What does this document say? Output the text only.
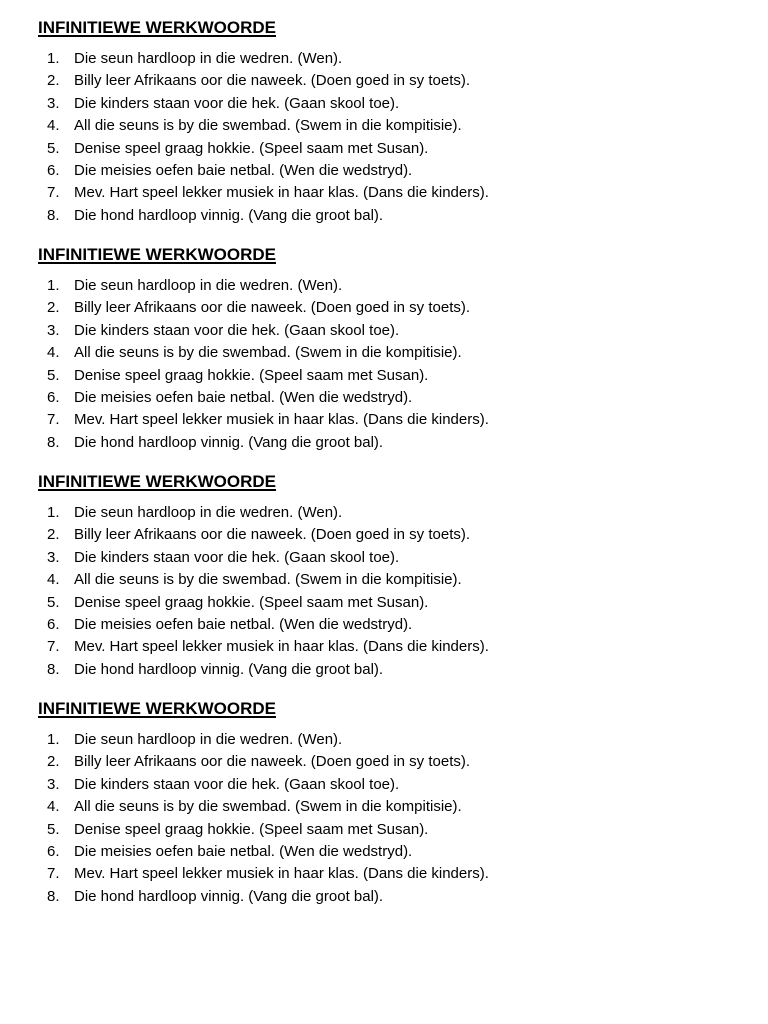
INFINITIEWE WERKWOORDE
1. Die seun hardloop in die wedren. (Wen).
2. Billy leer Afrikaans oor die naweek. (Doen goed in sy toets).
3. Die kinders staan voor die hek. (Gaan skool toe).
4. All die seuns is by die swembad. (Swem in die kompitisie).
5. Denise speel graag hokkie. (Speel saam met Susan).
6. Die meisies oefen baie netbal. (Wen die wedstryd).
7. Mev. Hart speel lekker musiek in haar klas. (Dans die kinders).
8. Die hond hardloop vinnig. (Vang die groot bal).
INFINITIEWE WERKWOORDE
1. Die seun hardloop in die wedren. (Wen).
2. Billy leer Afrikaans oor die naweek. (Doen goed in sy toets).
3. Die kinders staan voor die hek. (Gaan skool toe).
4. All die seuns is by die swembad. (Swem in die kompitisie).
5. Denise speel graag hokkie. (Speel saam met Susan).
6. Die meisies oefen baie netbal. (Wen die wedstryd).
7. Mev. Hart speel lekker musiek in haar klas. (Dans die kinders).
8. Die hond hardloop vinnig. (Vang die groot bal).
INFINITIEWE WERKWOORDE
1. Die seun hardloop in die wedren. (Wen).
2. Billy leer Afrikaans oor die naweek. (Doen goed in sy toets).
3. Die kinders staan voor die hek. (Gaan skool toe).
4. All die seuns is by die swembad. (Swem in die kompitisie).
5. Denise speel graag hokkie. (Speel saam met Susan).
6. Die meisies oefen baie netbal. (Wen die wedstryd).
7. Mev. Hart speel lekker musiek in haar klas. (Dans die kinders).
8. Die hond hardloop vinnig. (Vang die groot bal).
INFINITIEWE WERKWOORDE
1. Die seun hardloop in die wedren. (Wen).
2. Billy leer Afrikaans oor die naweek. (Doen goed in sy toets).
3. Die kinders staan voor die hek. (Gaan skool toe).
4. All die seuns is by die swembad. (Swem in die kompitisie).
5. Denise speel graag hokkie. (Speel saam met Susan).
6. Die meisies oefen baie netbal. (Wen die wedstryd).
7. Mev. Hart speel lekker musiek in haar klas. (Dans die kinders).
8. Die hond hardloop vinnig. (Vang die groot bal).
